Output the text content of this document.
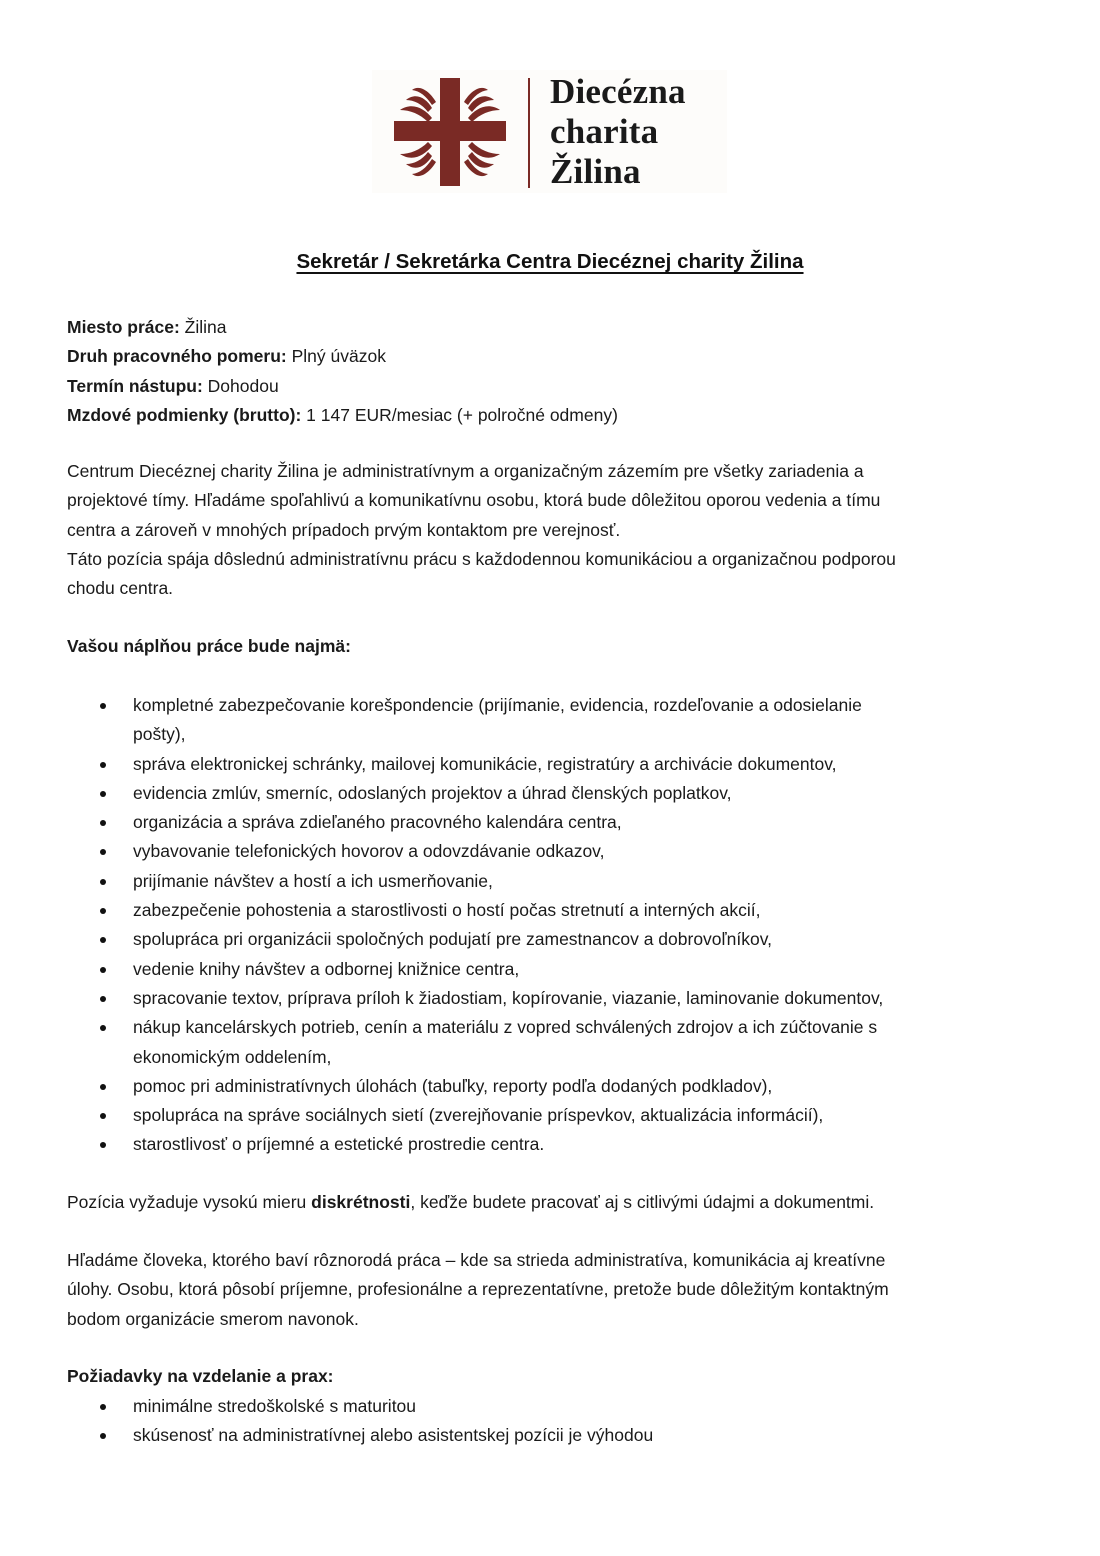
Diecézna
charita
Žilina
Sekretár / Sekretárka Centra Diecéznej charity Žilina
Miesto práce: Žilina
Druh pracovného pomeru: Plný úväzok
Termín nástupu: Dohodou
Mzdové podmienky (brutto): 1 147 EUR/mesiac (+ polročné odmeny)
Centrum Diecéznej charity Žilina je administratívnym a organizačným zázemím pre všetky zariadenia a
projektové tímy. Hľadáme spoľahlivú a komunikatívnu osobu, ktorá bude dôležitou oporou vedenia a tímu
centra a zároveň v mnohých prípadoch prvým kontaktom pre verejnosť.
Táto pozícia spája dôslednú administratívnu prácu s každodennou komunikáciou a organizačnou podporou
chodu centra.
Vašou náplňou práce bude najmä:
kompletné zabezpečovanie korešpondencie (prijímanie, evidencia, rozdeľovanie a odosielanie
pošty),
správa elektronickej schránky, mailovej komunikácie, registratúry a archivácie dokumentov,
evidencia zmlúv, smerníc, odoslaných projektov a úhrad členských poplatkov,
organizácia a správa zdieľaného pracovného kalendára centra,
vybavovanie telefonických hovorov a odovzdávanie odkazov,
prijímanie návštev a hostí a ich usmerňovanie,
zabezpečenie pohostenia a starostlivosti o hostí počas stretnutí a interných akcií,
spolupráca pri organizácii spoločných podujatí pre zamestnancov a dobrovoľníkov,
vedenie knihy návštev a odbornej knižnice centra,
spracovanie textov, príprava príloh k žiadostiam, kopírovanie, viazanie, laminovanie dokumentov,
nákup kancelárskych potrieb, cenín a materiálu z vopred schválených zdrojov a ich zúčtovanie s
ekonomickým oddelením,
pomoc pri administratívnych úlohách (tabuľky, reporty podľa dodaných podkladov),
spolupráca na správe sociálnych sietí (zverejňovanie príspevkov, aktualizácia informácií),
starostlivosť o príjemné a estetické prostredie centra.
Pozícia vyžaduje vysokú mieru diskrétnosti, keďže budete pracovať aj s citlivými údajmi a dokumentmi.
Hľadáme človeka, ktorého baví rôznorodá práca – kde sa strieda administratíva, komunikácia aj kreatívne
úlohy. Osobu, ktorá pôsobí príjemne, profesionálne a reprezentatívne, pretože bude dôležitým kontaktným
bodom organizácie smerom navonok.
Požiadavky na vzdelanie a prax:
minimálne stredoškolské s maturitou
skúsenosť na administratívnej alebo asistentskej pozícii je výhodou
